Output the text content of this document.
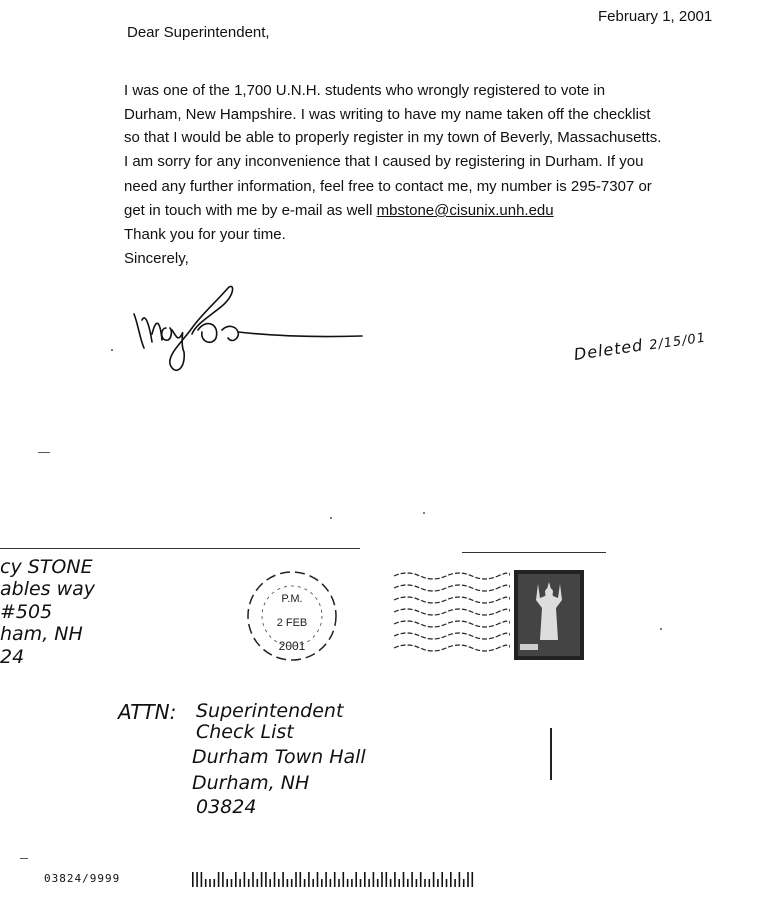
February 1, 2001
Dear Superintendent,
I was one of the 1,700 U.N.H. students who wrongly registered to vote in
Durham, New Hampshire. I was writing to have my name taken off the checklist
so that I would be able to properly register in my town of Beverly, Massachusetts.
I am sorry for any inconvenience that I caused by registering in Durham. If you
need any further information, feel free to contact me, my number is 295-7307 or
get in touch with me by e-mail as well mbstone@cisunix.unh.edu
Thank you for your time.
Sincerely,
Deleted 2/15/01
cy STONE
ables way
#505
ham, NH
24
P.M.
2 FEB
2001
ATTN: Superintendent
Check List
Durham Town Hall
Durham, NH
03824
03824/9999
